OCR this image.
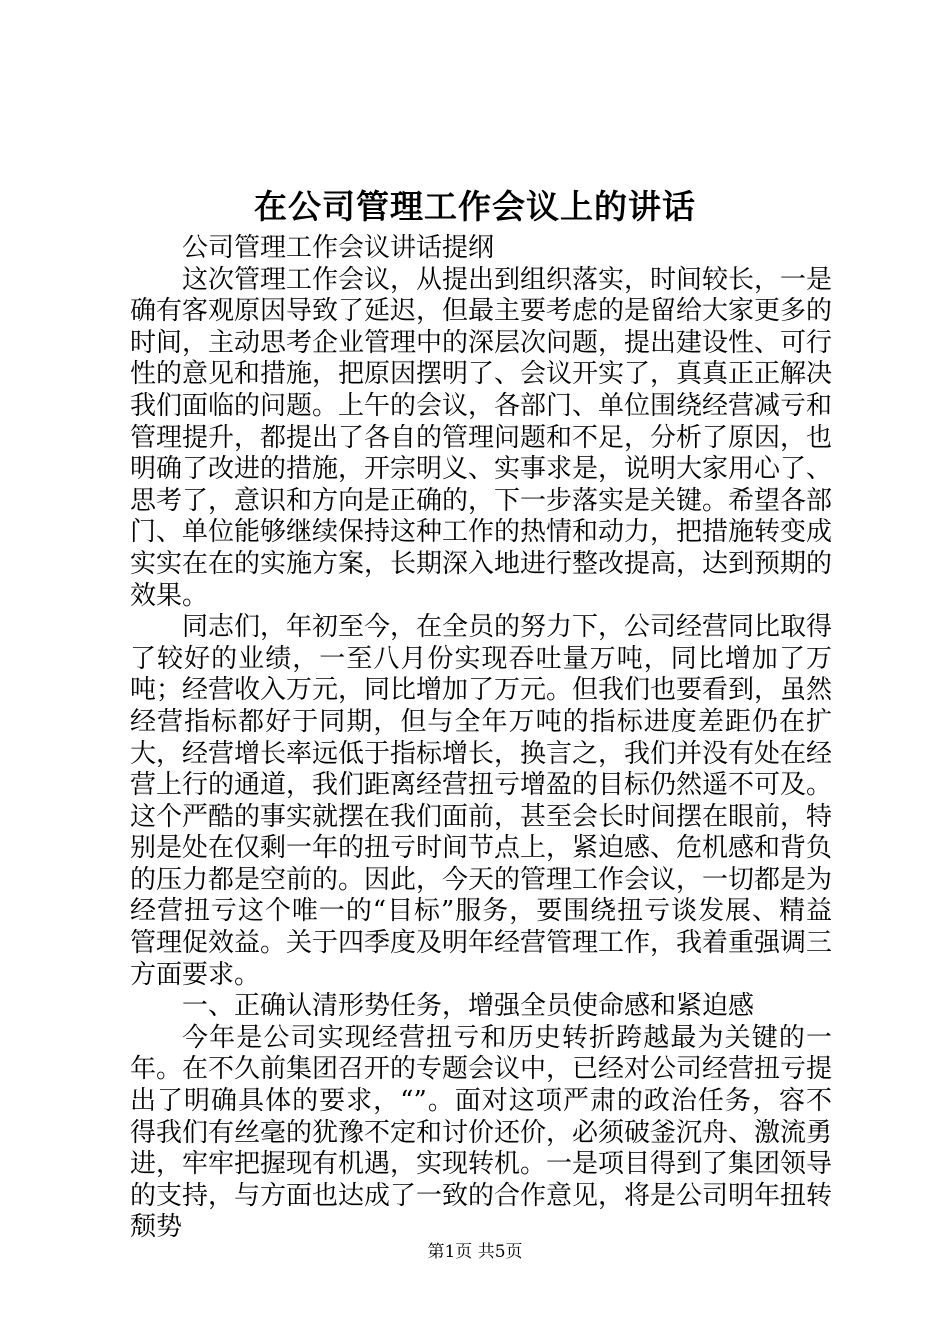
在公司管理工作会议上的讲话

公司管理工作会议讲话提纲

这次管理工作会议，从提出到组织落实，时间较长，一是确有客观原因导致了延迟，但最主要考虑的是留给大家更多的时间，主动思考企业管理中的深层次问题，提出建设性、可行性的意见和措施，把原因摆明了、会议开实了，真真正正解决我们面临的问题。上午的会议，各部门、单位围绕经营减亏和管理提升，都提出了各自的管理问题和不足，分析了原因，也明确了改进的措施，开宗明义、实事求是，说明大家用心了、思考了，意识和方向是正确的，下一步落实是关键。希望各部门、单位能够继续保持这种工作的热情和动力，把措施转变成实实在在的实施方案，长期深入地进行整改提高，达到预期的效果。

同志们，年初至今，在全员的努力下，公司经营同比取得了较好的业绩，一至八月份实现吞吐量万吨，同比增加了万吨；经营收入万元，同比增加了万元。但我们也要看到，虽然经营指标都好于同期，但与全年万吨的指标进度差距仍在扩大，经营增长率远低于指标增长，换言之，我们并没有处在经营上行的通道，我们距离经营扭亏增盈的目标仍然遥不可及。这个严酷的事实就摆在我们面前，甚至会长时间摆在眼前，特别是处在仅剩一年的扭亏时间节点上，紧迫感、危机感和背负的压力都是空前的。因此，今天的管理工作会议，一切都是为经营扭亏这个唯一的“目标”服务，要围绕扭亏谈发展、精益管理促效益。关于四季度及明年经营管理工作，我着重强调三方面要求。

一、正确认清形势任务，增强全员使命感和紧迫感

今年是公司实现经营扭亏和历史转折跨越最为关键的一年。在不久前集团召开的专题会议中，已经对公司经营扭亏提出了明确具体的要求，“”。面对这项严肃的政治任务，容不得我们有丝毫的犹豫不定和讨价还价，必须破釜沉舟、激流勇进，牢牢把握现有机遇，实现转机。一是项目得到了集团领导的支持，与方面也达成了一致的合作意见，将是公司明年扭转颓势

第1页 共5页
